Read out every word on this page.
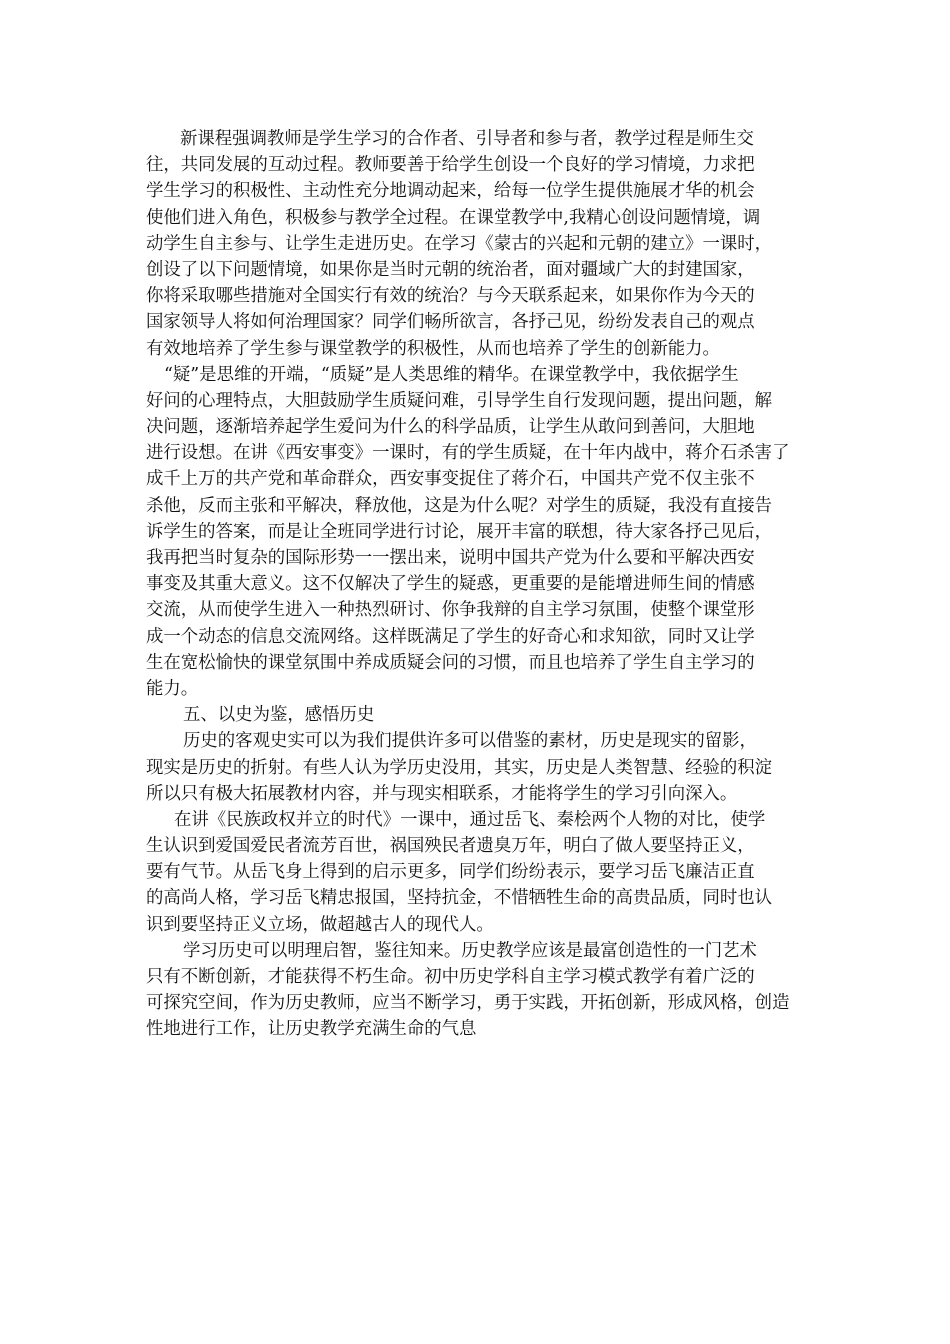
新课程强调教师是学生学习的合作者、引导者和参与者，教学过程是师生交
往，共同发展的互动过程。教师要善于给学生创设一个良好的学习情境，力求把
学生学习的积极性、主动性充分地调动起来，给每一位学生提供施展才华的机会
使他们进入角色，积极参与教学全过程。在课堂教学中,我精心创设问题情境，调
动学生自主参与、让学生走进历史。在学习《蒙古的兴起和元朝的建立》一课时，
创设了以下问题情境，如果你是当时元朝的统治者，面对疆域广大的封建国家，
你将采取哪些措施对全国实行有效的统治？与今天联系起来，如果你作为今天的
国家领导人将如何治理国家？同学们畅所欲言，各抒己见，纷纷发表自己的观点
有效地培养了学生参与课堂教学的积极性，从而也培养了学生的创新能力。
“疑”是思维的开端，“质疑”是人类思维的精华。在课堂教学中，我依据学生
好问的心理特点，大胆鼓励学生质疑问难，引导学生自行发现问题，提出问题，解
决问题，逐渐培养起学生爱问为什么的科学品质，让学生从敢问到善问，大胆地
进行设想。在讲《西安事变》一课时，有的学生质疑，在十年内战中，蒋介石杀害了
成千上万的共产党和革命群众，西安事变捉住了蒋介石，中国共产党不仅主张不
杀他，反而主张和平解决，释放他，这是为什么呢？对学生的质疑，我没有直接告
诉学生的答案，而是让全班同学进行讨论，展开丰富的联想，待大家各抒己见后，
我再把当时复杂的国际形势一一摆出来，说明中国共产党为什么要和平解决西安
事变及其重大意义。这不仅解决了学生的疑惑，更重要的是能增进师生间的情感
交流，从而使学生进入一种热烈研讨、你争我辩的自主学习氛围，使整个课堂形
成一个动态的信息交流网络。这样既满足了学生的好奇心和求知欲，同时又让学
生在宽松愉快的课堂氛围中养成质疑会问的习惯，而且也培养了学生自主学习的
能力。
五、以史为鉴，感悟历史
历史的客观史实可以为我们提供许多可以借鉴的素材，历史是现实的留影，
现实是历史的折射。有些人认为学历史没用，其实，历史是人类智慧、经验的积淀
所以只有极大拓展教材内容，并与现实相联系，才能将学生的学习引向深入。
在讲《民族政权并立的时代》一课中，通过岳飞、秦桧两个人物的对比，使学
生认识到爱国爱民者流芳百世，祸国殃民者遗臭万年，明白了做人要坚持正义，
要有气节。从岳飞身上得到的启示更多，同学们纷纷表示，要学习岳飞廉洁正直
的高尚人格，学习岳飞精忠报国，坚持抗金，不惜牺牲生命的高贵品质，同时也认
识到要坚持正义立场，做超越古人的现代人。
学习历史可以明理启智，鉴往知来。历史教学应该是最富创造性的一门艺术
只有不断创新，才能获得不朽生命。初中历史学科自主学习模式教学有着广泛的
可探究空间，作为历史教师，应当不断学习，勇于实践，开拓创新，形成风格，创造
性地进行工作，让历史教学充满生命的气息
